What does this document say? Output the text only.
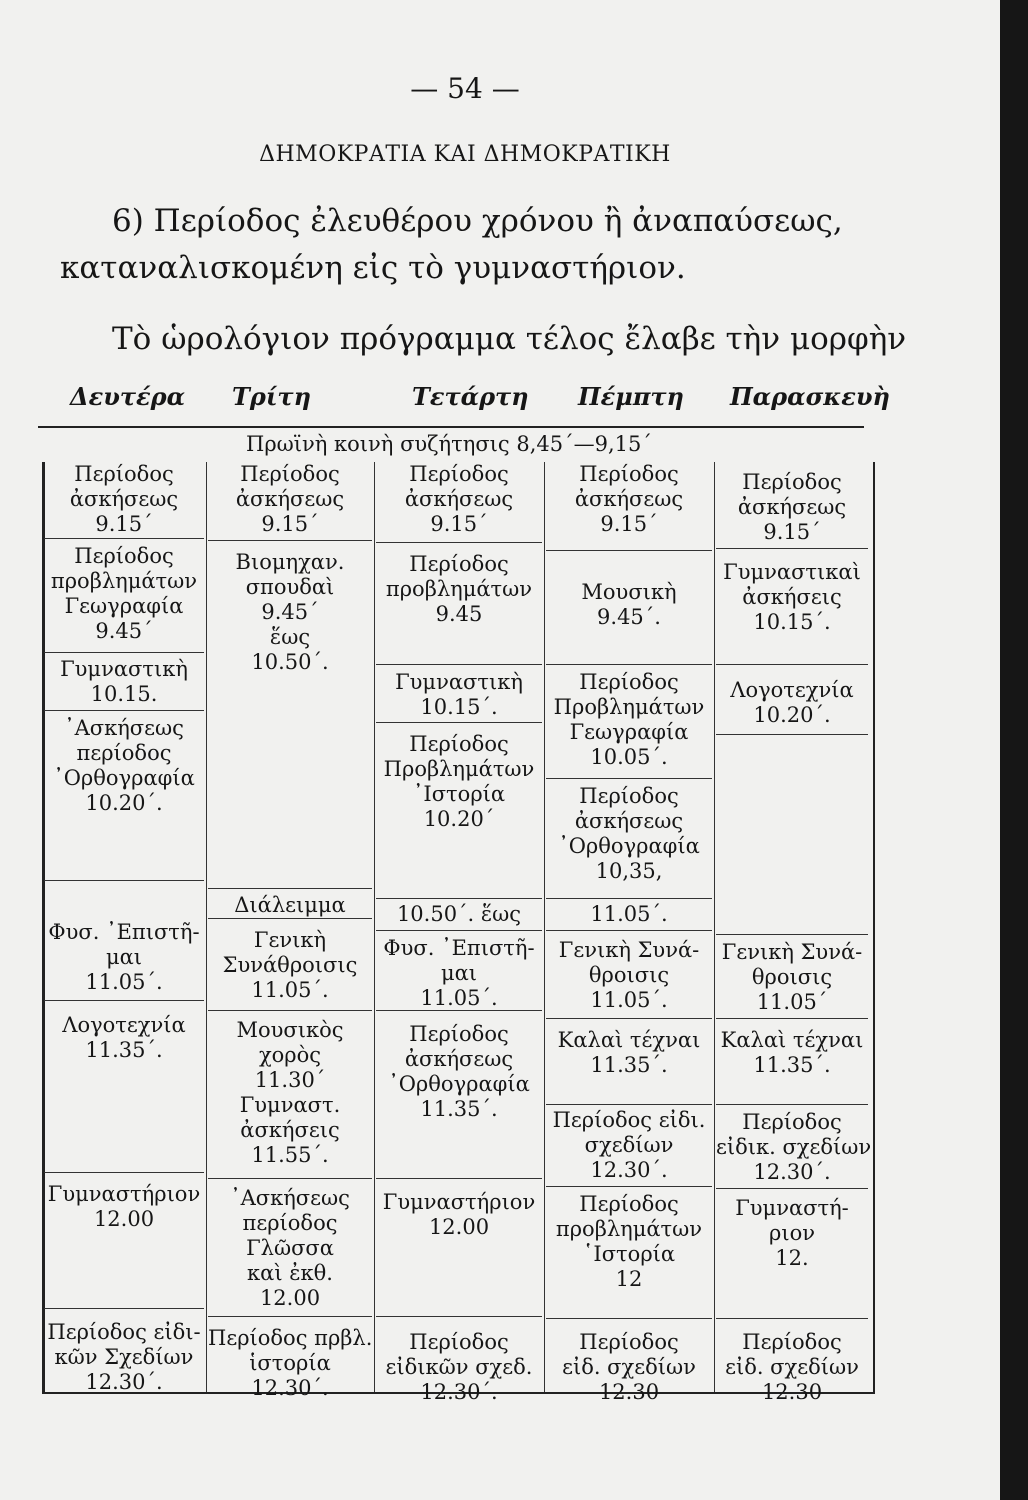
— 54 —
ΔΗΜΟΚΡΑΤΙΑ ΚΑΙ ΔΗΜΟΚΡΑΤΙΚΗ
6) Περίοδος ἐλευθέρου χρόνου ἢ ἀναπαύσεως, καταναλισκομένη εἰς τὸ γυμναστήριον.
Τὸ ὡρολόγιον πρόγραμμα τέλος ἔλαβε τὴν μορφὴν
Δευτέρα Τρίτη	Τετάρτη Πέμπτη Παρασκευὴ
Πρωϊνὴ κοινὴ συζήτησις 8,45΄—9,15΄
Περίοδος
ἀσκήσεως
9.15΄
Περίοδος
προβλημάτων
Γεωγραφία
9.45΄
Γυμναστικὴ
10.15.
᾿Ασκήσεως
περίοδος
᾿Ορθογραφία
10.20΄.
Φυσ. ᾿Επιστῆ-
μαι
11.05΄.
Λογοτεχνία
11.35΄.
Γυμναστήριον
12.00
Περίοδος εἰδι-
κῶν Σχεδίων
12.30΄.
Περίοδος
ἀσκήσεως
9.15΄
Βιομηχαν.
σπουδαὶ
9.45΄
ἕως
10.50΄.
Διάλειμμα
Γενικὴ
Συνάθροισις
11.05΄.
Μουσικὸς
χορὸς
11.30΄
Γυμναστ.
ἀσκήσεις
11.55΄.
᾿Ασκήσεως
περίοδος
Γλῶσσα
καὶ ἐκθ.
12.00
Περίοδος πρβλ.
ἱστορία
12.30΄.
Περίοδος
ἀσκήσεως
9.15΄
Περίοδος
προβλημάτων
9.45
Γυμναστικὴ
10.15΄.
Περίοδος
Προβλημάτων
᾿Ιστορία
10.20΄
10.50΄. ἕως
Φυσ. ᾿Επιστῆ-
μαι
11.05΄.
Περίοδος
ἀσκήσεως
᾿Ορθογραφία
11.35΄.
Γυμναστήριον
12.00
Περίοδος
εἰδικῶν σχεδ.
12.30΄.
Περίοδος
ἀσκήσεως
9.15΄
Μουσικὴ
9.45΄.
Περίοδος
Προβλημάτων
Γεωγραφία
10.05΄.
Περίοδος
ἀσκήσεως
᾿Ορθογραφία
10,35,
11.05΄.
Γενικὴ Συνά-
θροισις
11.05΄.
Καλαὶ τέχναι
11.35΄.
Περίοδος εἰδι.
σχεδίων
12.30΄.
Περίοδος
προβλημάτων
῾Ιστορία
12
Περίοδος
εἰδ. σχεδίων
12.30
Περίοδος
ἀσκήσεως
9.15΄
Γυμναστικαὶ
ἀσκήσεις
10.15΄.
Λογοτεχνία
10.20΄.
Γενικὴ Συνά-
θροισις
11.05΄
Καλαὶ τέχναι
11.35΄.
Περίοδος
εἰδικ. σχεδίων
12.30΄.
Γυμναστή-
ριον
12.
Περίοδος
εἰδ. σχεδίων
12.30
